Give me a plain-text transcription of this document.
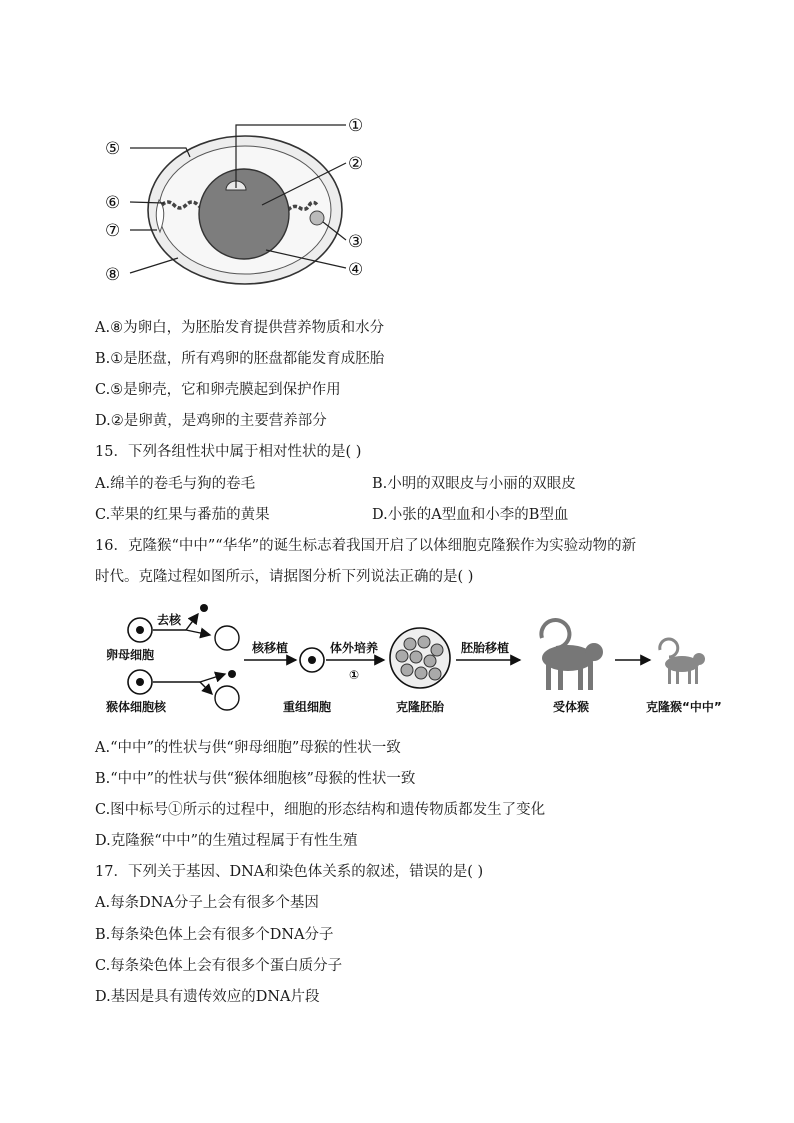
①
②
③
④
⑤
⑥
⑦
⑧
A.⑧为卵白，为胚胎发育提供营养物质和水分
B.①是胚盘，所有鸡卵的胚盘都能发育成胚胎
C.⑤是卵壳，它和卵壳膜起到保护作用
D.②是卵黄，是鸡卵的主要营养部分
15．下列各组性状中属于相对性状的是( )
A.绵羊的卷毛与狗的卷毛	B.小明的双眼皮与小丽的双眼皮
C.苹果的红果与番茄的黄果	D.小张的A型血和小李的B型血
16．克隆猴“中中”“华华”的诞生标志着我国开启了以体细胞克隆猴作为实验动物的新
时代。克隆过程如图所示，请据图分析下列说法正确的是( )
卵母细胞
去核
猴体细胞核
核移植
重组细胞
体外培养
①
克隆胚胎
胚胎移植
受体猴	克隆猴“中中”
A.“中中”的性状与供“卵母细胞”母猴的性状一致
B.“中中”的性状与供“猴体细胞核”母猴的性状一致
C.图中标号①所示的过程中，细胞的形态结构和遗传物质都发生了变化
D.克隆猴“中中”的生殖过程属于有性生殖
17．下列关于基因、DNA和染色体关系的叙述，错误的是( )
A.每条DNA分子上会有很多个基因
B.每条染色体上会有很多个DNA分子
C.每条染色体上会有很多个蛋白质分子
D.基因是具有遗传效应的DNA片段
